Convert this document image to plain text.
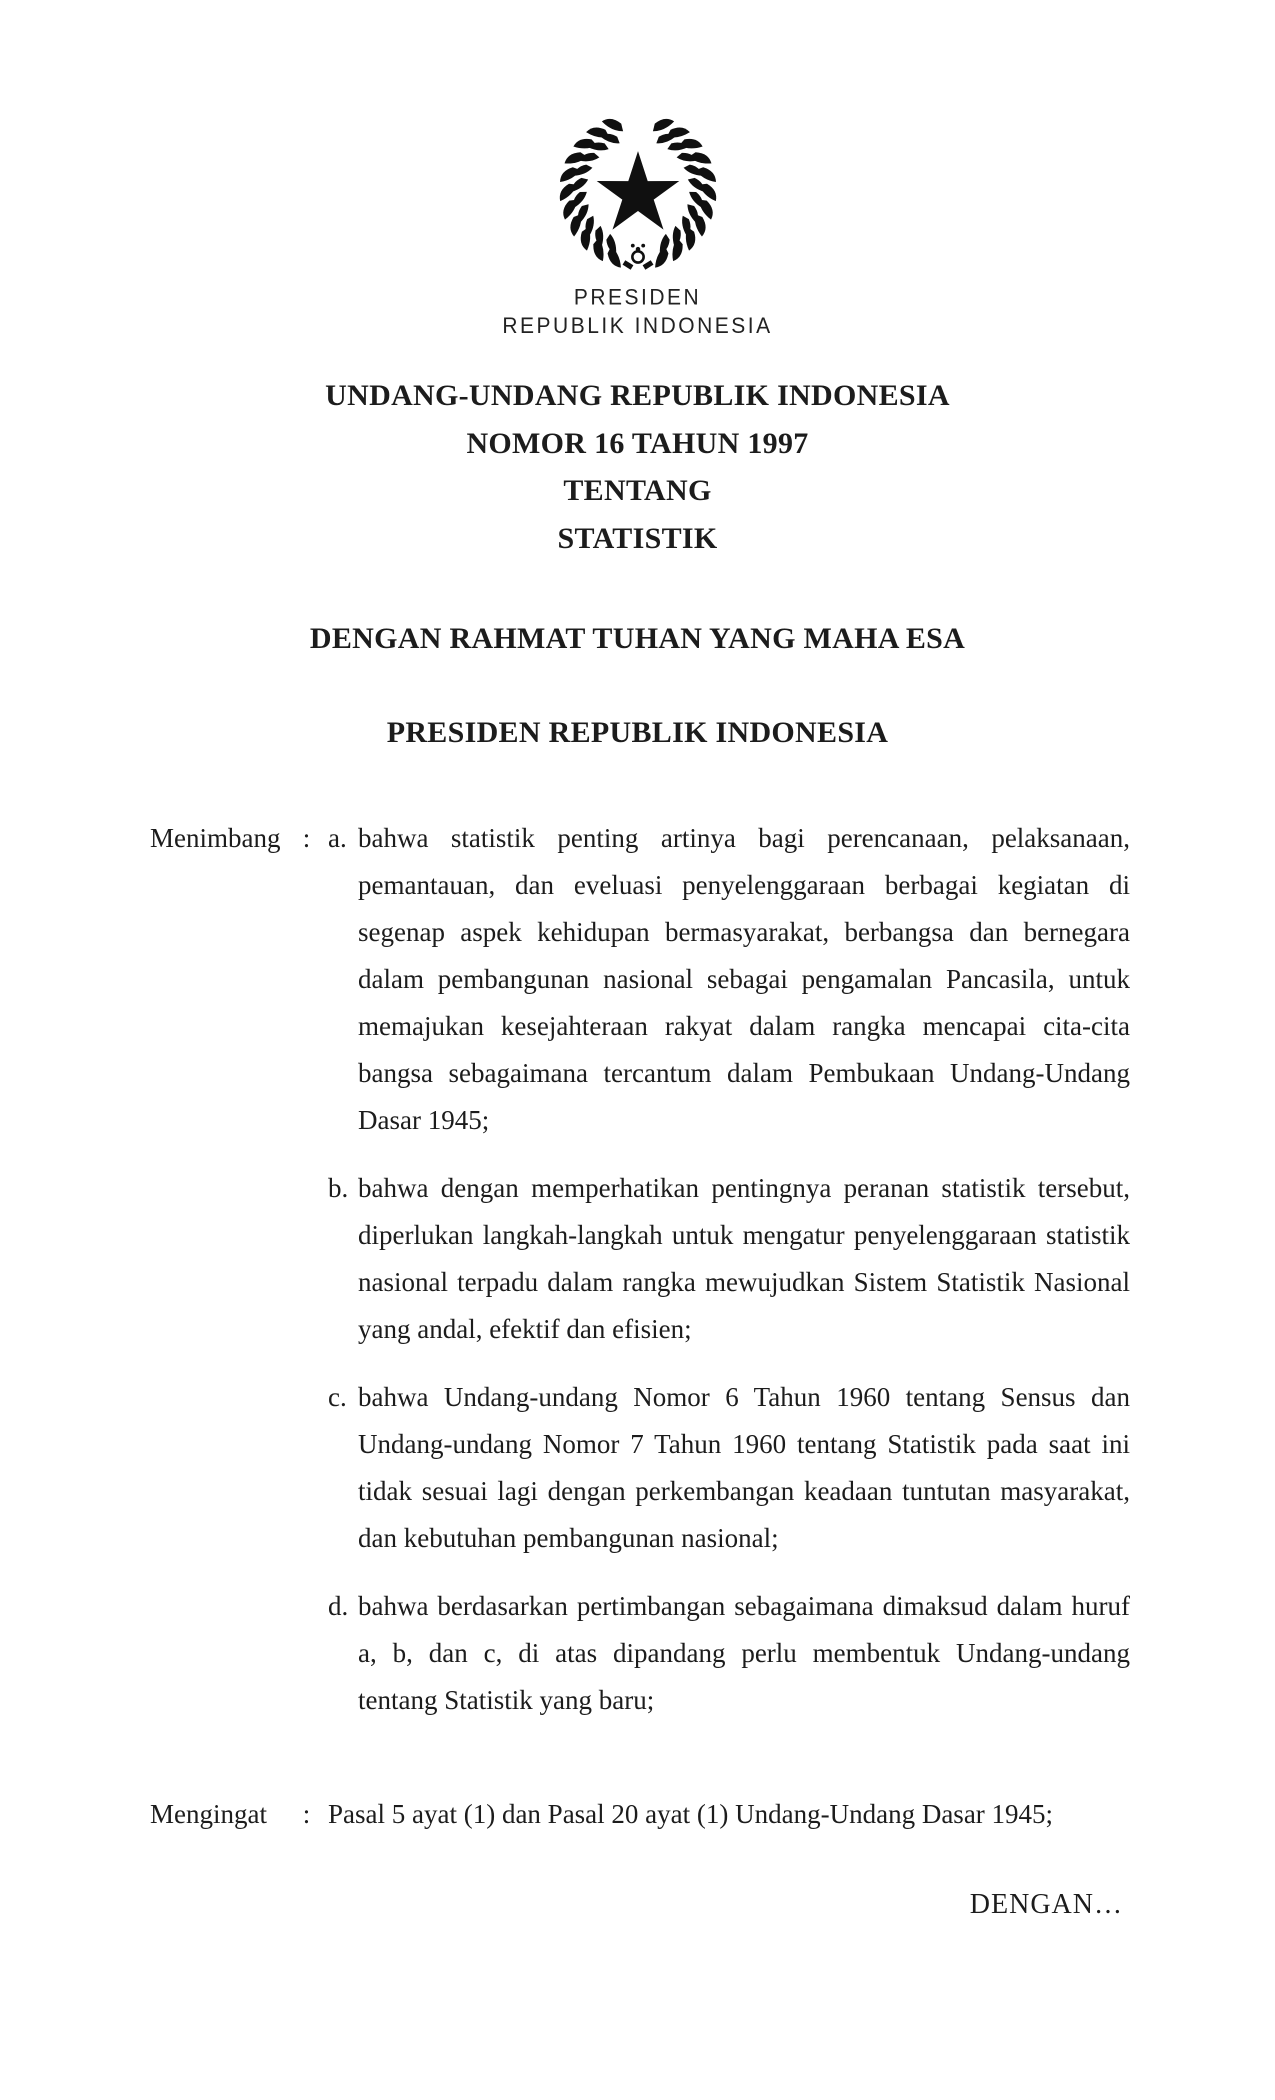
PRESIDEN
REPUBLIK INDONESIA
UNDANG-UNDANG REPUBLIK INDONESIA
NOMOR 16 TAHUN 1997
TENTANG
STATISTIK
DENGAN RAHMAT TUHAN YANG MAHA ESA
PRESIDEN REPUBLIK INDONESIA
Menimbang : a. bahwa statistik penting artinya bagi perencanaan, pelaksanaan,
pemantauan, dan eveluasi penyelenggaraan berbagai kegiatan di
segenap aspek kehidupan bermasyarakat, berbangsa dan bernegara
dalam pembangunan nasional sebagai pengamalan Pancasila, untuk
memajukan kesejahteraan rakyat dalam rangka mencapai cita-cita
bangsa sebagaimana tercantum dalam Pembukaan Undang-Undang
Dasar 1945;
b. bahwa dengan memperhatikan pentingnya peranan statistik tersebut,
diperlukan langkah-langkah untuk mengatur penyelenggaraan statistik
nasional terpadu dalam rangka mewujudkan Sistem Statistik Nasional
yang andal, efektif dan efisien;
c. bahwa Undang-undang Nomor 6 Tahun 1960 tentang Sensus dan
Undang-undang Nomor 7 Tahun 1960 tentang Statistik pada saat ini
tidak sesuai lagi dengan perkembangan keadaan tuntutan masyarakat,
dan kebutuhan pembangunan nasional;
d. bahwa berdasarkan pertimbangan sebagaimana dimaksud dalam huruf
a, b, dan c, di atas dipandang perlu membentuk Undang-undang
tentang Statistik yang baru;
Mengingat	: Pasal 5 ayat (1) dan Pasal 20 ayat (1) Undang-Undang Dasar 1945;
DENGAN…
